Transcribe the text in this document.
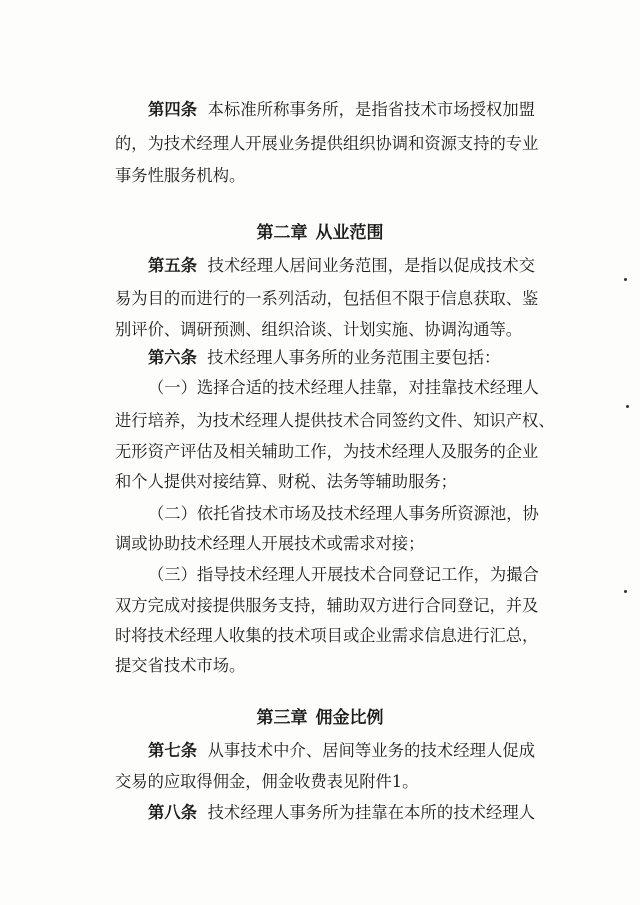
第四条 本标准所称事务所，是指省技术市场授权加盟
的，为技术经理人开展业务提供组织协调和资源支持的专业
事务性服务机构。
第二章 从业范围
第五条 技术经理人居间业务范围，是指以促成技术交
易为目的而进行的一系列活动，包括但不限于信息获取、鉴
别评价、调研预测、组织洽谈、计划实施、协调沟通等。
第六条 技术经理人事务所的业务范围主要包括：
（一）选择合适的技术经理人挂靠，对挂靠技术经理人
进行培养，为技术经理人提供技术合同签约文件、知识产权、
无形资产评估及相关辅助工作，为技术经理人及服务的企业
和个人提供对接结算、财税、法务等辅助服务；
（二）依托省技术市场及技术经理人事务所资源池，协
调或协助技术经理人开展技术或需求对接；
（三）指导技术经理人开展技术合同登记工作，为撮合
双方完成对接提供服务支持，辅助双方进行合同登记，并及
时将技术经理人收集的技术项目或企业需求信息进行汇总，
提交省技术市场。
第三章 佣金比例
第七条 从事技术中介、居间等业务的技术经理人促成
交易的应取得佣金，佣金收费表见附件1。
第八条 技术经理人事务所为挂靠在本所的技术经理人
